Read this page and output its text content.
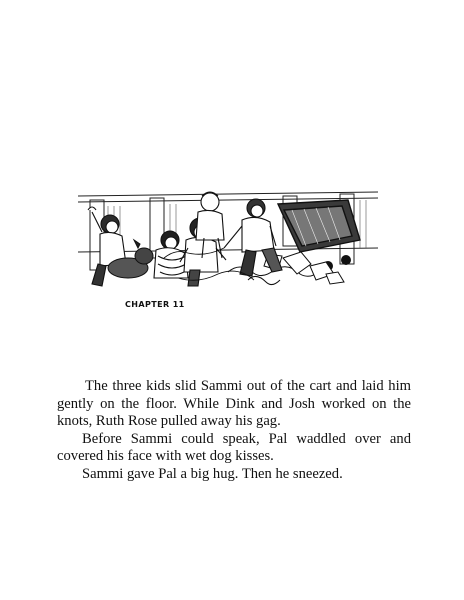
CHAPTER 11

The three kids slid Sammi out of the cart and laid him gently on the floor. While Dink and Josh worked on the knots, Ruth Rose pulled away his gag.

Before Sammi could speak, Pal waddled over and covered his face with wet dog kisses.

Sammi gave Pal a big hug. Then he sneezed.
